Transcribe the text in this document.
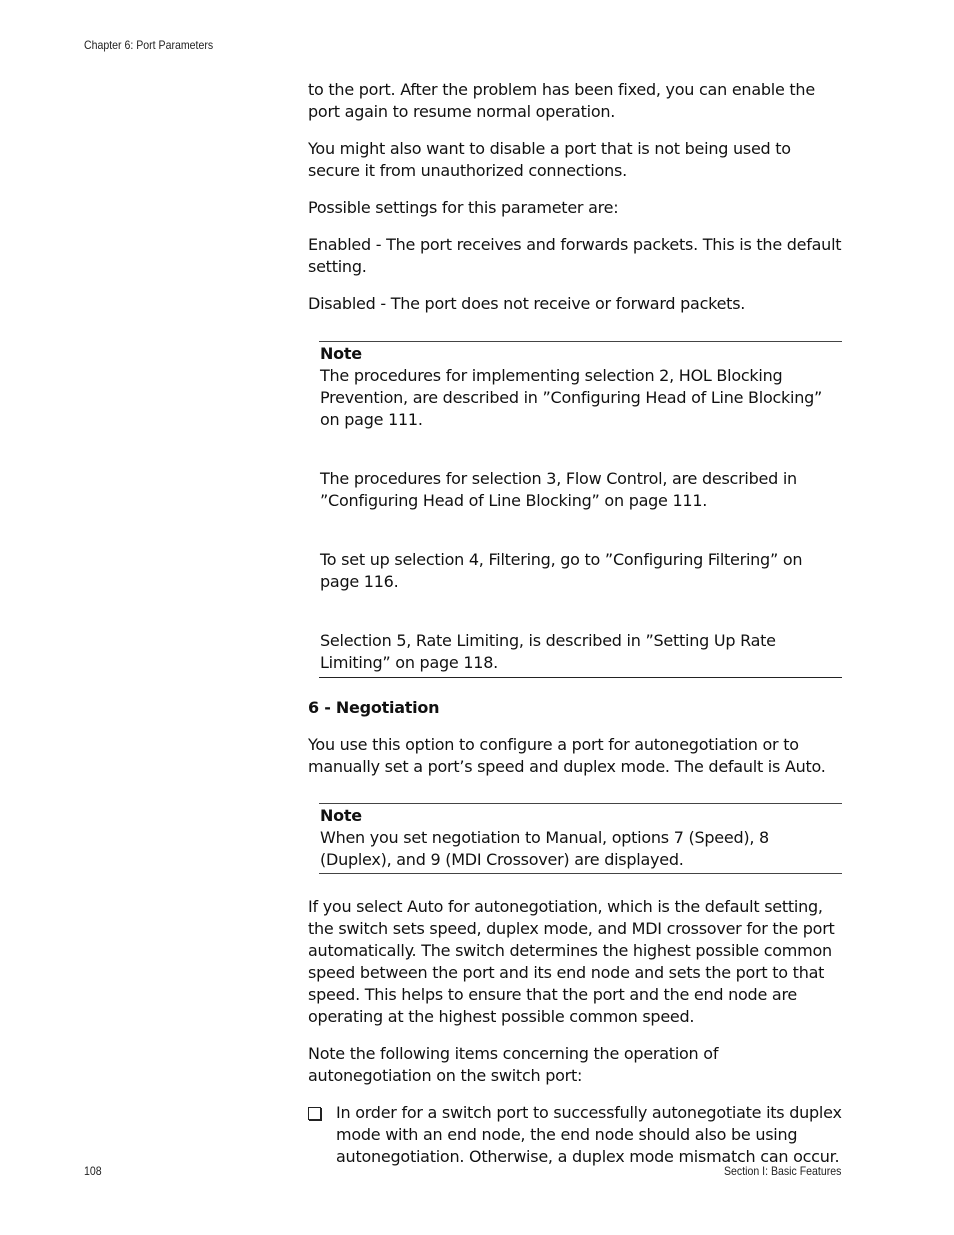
Chapter 6: Port Parameters

to the port. After the problem has been fixed, you can enable the port again to resume normal operation.

You might also want to disable a port that is not being used to secure it from unauthorized connections.

Possible settings for this parameter are:

Enabled - The port receives and forwards packets. This is the default setting.

Disabled - The port does not receive or forward packets.

Note

The procedures for implementing selection 2, HOL Blocking Prevention, are described in ”Configuring Head of Line Blocking” on page 111.

The procedures for selection 3, Flow Control, are described in ”Configuring Head of Line Blocking” on page 111.

To set up selection 4, Filtering, go to ”Configuring Filtering” on page 116.

Selection 5, Rate Limiting, is described in ”Setting Up Rate Limiting” on page 118.

6 - Negotiation

You use this option to configure a port for autonegotiation or to manually set a port’s speed and duplex mode. The default is Auto.

Note

When you set negotiation to Manual, options 7 (Speed), 8 (Duplex), and 9 (MDI Crossover) are displayed.

If you select Auto for autonegotiation, which is the default setting, the switch sets speed, duplex mode, and MDI crossover for the port automatically. The switch determines the highest possible common speed between the port and its end node and sets the port to that speed. This helps to ensure that the port and the end node are operating at the highest possible common speed.

Note the following items concerning the operation of autonegotiation on the switch port:

In order for a switch port to successfully autonegotiate its duplex mode with an end node, the end node should also be using autonegotiation. Otherwise, a duplex mode mismatch can occur.
108	Section I: Basic Features
